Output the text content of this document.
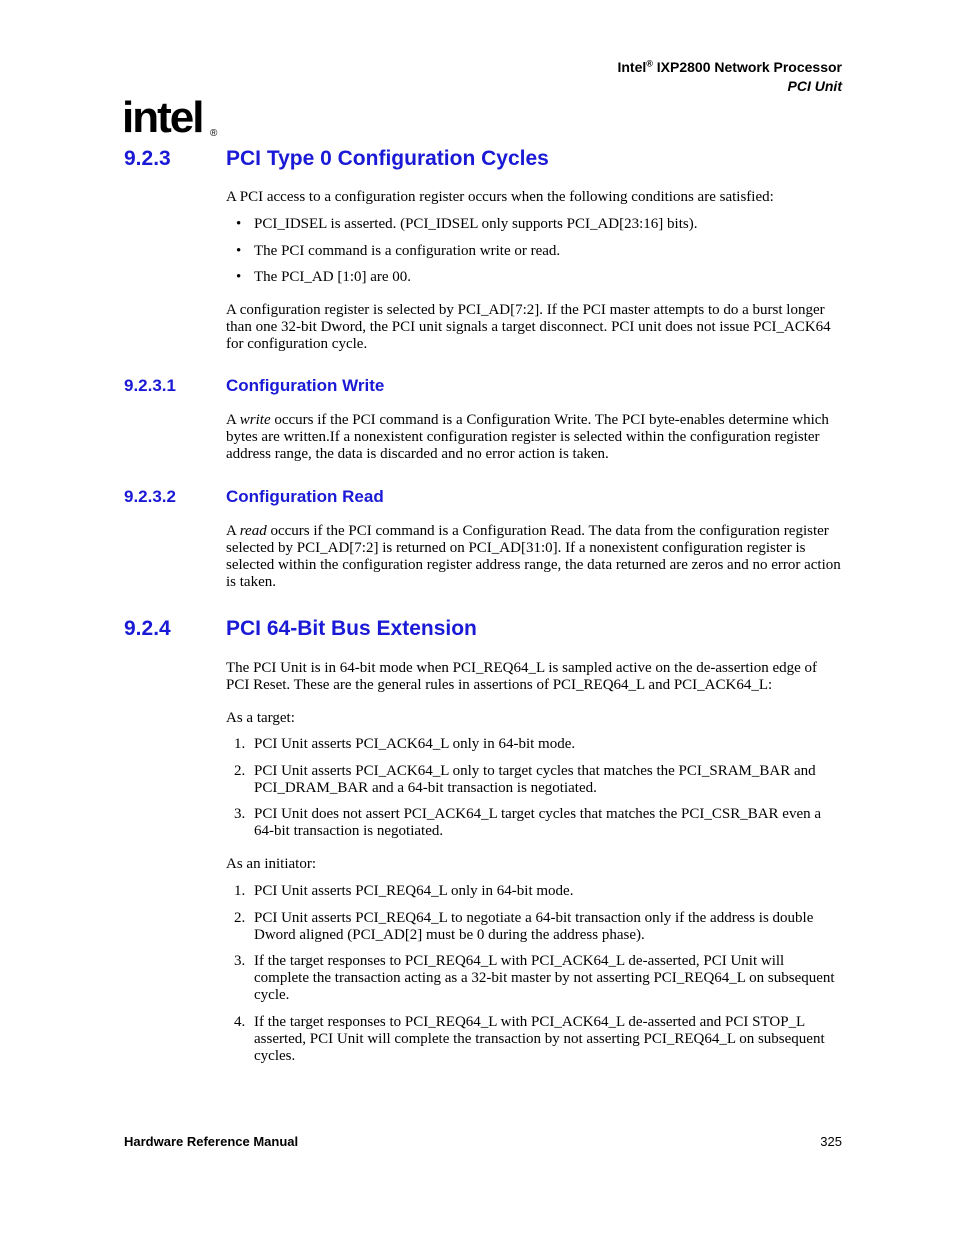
Intel® IXP2800 Network Processor
PCI Unit
intel ®
9.2.3	PCI Type 0 Configuration Cycles

A PCI access to a configuration register occurs when the following conditions are satisfied:

• PCI_IDSEL is asserted. (PCI_IDSEL only supports PCI_AD[23:16] bits).
• The PCI command is a configuration write or read.
• The PCI_AD [1:0] are 00.

A configuration register is selected by PCI_AD[7:2]. If the PCI master attempts to do a burst longer than one 32-bit Dword, the PCI unit signals a target disconnect. PCI unit does not issue PCI_ACK64 for configuration cycle.

9.2.3.1	Configuration Write

A write occurs if the PCI command is a Configuration Write. The PCI byte-enables determine which bytes are written.If a nonexistent configuration register is selected within the configuration register address range, the data is discarded and no error action is taken.

9.2.3.2	Configuration Read

A read occurs if the PCI command is a Configuration Read. The data from the configuration register selected by PCI_AD[7:2] is returned on PCI_AD[31:0]. If a nonexistent configuration register is selected within the configuration register address range, the data returned are zeros and no error action is taken.

9.2.4	PCI 64-Bit Bus Extension

The PCI Unit is in 64-bit mode when PCI_REQ64_L is sampled active on the de-assertion edge of PCI Reset. These are the general rules in assertions of PCI_REQ64_L and PCI_ACK64_L:

As a target:

1. PCI Unit asserts PCI_ACK64_L only in 64-bit mode.
2. PCI Unit asserts PCI_ACK64_L only to target cycles that matches the PCI_SRAM_BAR and PCI_DRAM_BAR and a 64-bit transaction is negotiated.
3. PCI Unit does not assert PCI_ACK64_L target cycles that matches the PCI_CSR_BAR even a 64-bit transaction is negotiated.

As an initiator:

1. PCI Unit asserts PCI_REQ64_L only in 64-bit mode.
2. PCI Unit asserts PCI_REQ64_L to negotiate a 64-bit transaction only if the address is double Dword aligned (PCI_AD[2] must be 0 during the address phase).
3. If the target responses to PCI_REQ64_L with PCI_ACK64_L de-asserted, PCI Unit will complete the transaction acting as a 32-bit master by not asserting PCI_REQ64_L on subsequent cycle.
4. If the target responses to PCI_REQ64_L with PCI_ACK64_L de-asserted and PCI STOP_L asserted, PCI Unit will complete the transaction by not asserting PCI_REQ64_L on subsequent cycles.
Hardware Reference Manual	325
